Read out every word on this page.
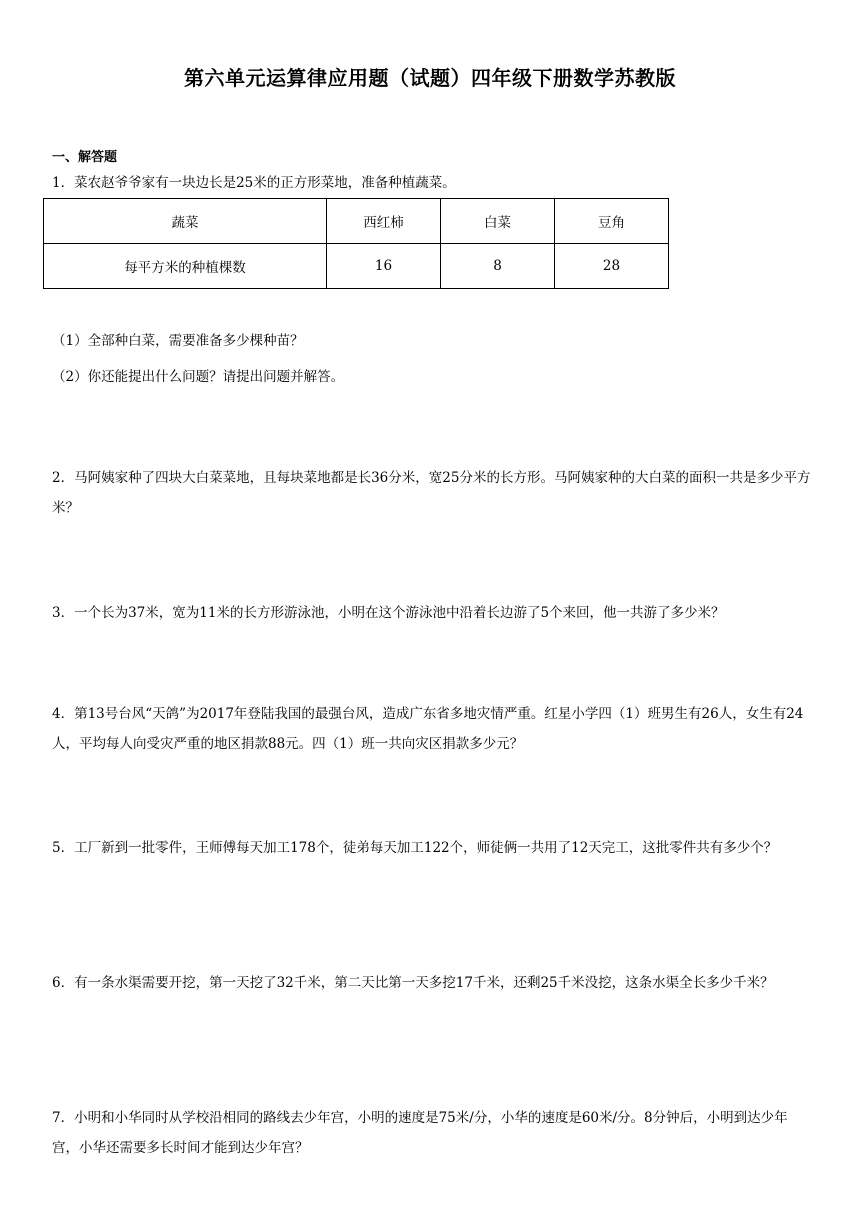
第六单元运算律应用题（试题）四年级下册数学苏教版
一、解答题
1．菜农赵爷爷家有一块边长是25米的正方形菜地，准备种植蔬菜。
蔬菜	西红柿	白菜	豆角
每平方米的种植棵数	16	8	28
（1）全部种白菜，需要准备多少棵种苗？
（2）你还能提出什么问题？请提出问题并解答。
2．马阿姨家种了四块大白菜菜地，且每块菜地都是长36分米，宽25分米的长方形。马阿姨家种的大白菜的面积一共是多少平方米？
3．一个长为37米，宽为11米的长方形游泳池，小明在这个游泳池中沿着长边游了5个来回，他一共游了多少米？
4．第13号台风“天鸽”为2017年登陆我国的最强台风，造成广东省多地灾情严重。红星小学四（1）班男生有26人，女生有24人，平均每人向受灾严重的地区捐款88元。四（1）班一共向灾区捐款多少元？
5．工厂新到一批零件，王师傅每天加工178个，徒弟每天加工122个，师徒俩一共用了12天完工，这批零件共有多少个？
6．有一条水渠需要开挖，第一天挖了32千米，第二天比第一天多挖17千米，还剩25千米没挖，这条水渠全长多少千米？
7．小明和小华同时从学校沿相同的路线去少年宫，小明的速度是75米/分，小华的速度是60米/分。8分钟后，小明到达少年宫，小华还需要多长时间才能到达少年宫？
